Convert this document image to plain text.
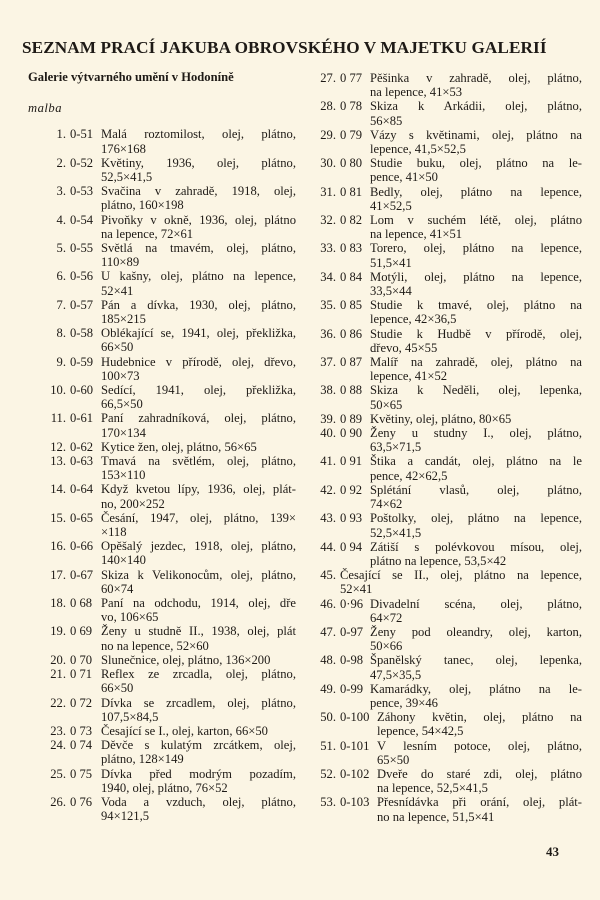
SEZNAM PRACÍ JAKUBA OBROVSKÉHO V MAJETKU GALERIÍ
Galerie výtvarného umění v Hodoníně
malba
1. 0-51 Malá roztomilost, olej, plátno,
176×168
2. 0-52 Květiny, 1936, olej, plátno,
52,5×41,5
3. 0-53 Svačina v zahradě, 1918, olej,
plátno, 160×198
4. 0-54 Pivoňky v okně, 1936, olej, plátno
na lepence, 72×61
5. 0-55 Světlá na tmavém, olej, plátno,
110×89
6. 0-56 U kašny, olej, plátno na lepence,
52×41
7. 0-57 Pán a dívka, 1930, olej, plátno,
185×215
8. 0-58 Oblékající se, 1941, olej, překližka,
66×50
9. 0-59 Hudebnice v přírodě, olej, dřevo,
100×73
10. 0-60 Sedící, 1941, olej, překližka,
66,5×50
11. 0-61 Paní zahradníková, olej, plátno,
170×134
12. 0-62 Kytice žen, olej, plátno, 56×65
13. 0-63 Tmavá na světlém, olej, plátno,
153×110
14. 0-64 Když kvetou lípy, 1936, olej, plát-
no, 200×252
15. 0-65 Česání, 1947, olej, plátno, 139×
×118
16. 0-66 Opěšalý jezdec, 1918, olej, plátno,
140×140
17. 0-67 Skiza k Velikonocům, olej, plátno,
60×74
18. 0 68 Paní na odchodu, 1914, olej, dře
vo, 106×65
19. 0 69 Ženy u studně II., 1938, olej, plát
no na lepence, 52×60
20. 0 70 Slunečnice, olej, plátno, 136×200
21. 0 71 Reflex ze zrcadla, olej, plátno,
66×50
22. 0 72 Dívka se zrcadlem, olej, plátno,
107,5×84,5
23. 0 73 Česající se I., olej, karton, 66×50
24. 0 74 Děvče s kulatým zrcátkem, olej,
plátno, 128×149
25. 0 75 Dívka před modrým pozadím,
1940, olej, plátno, 76×52
26. 0 76 Voda a vzduch, olej, plátno,
94×121,5
27. 0 77 Pěšinka v zahradě, olej, plátno,
na lepence, 41×53
28. 0 78 Skiza k Arkádii, olej, plátno,
56×85
29. 0 79 Vázy s květinami, olej, plátno na
lepence, 41,5×52,5
30. 0 80 Studie buku, olej, plátno na le-
pence, 41×50
31. 0 81 Bedly, olej, plátno na lepence,
41×52,5
32. 0 82 Lom v suchém létě, olej, plátno
na lepence, 41×51
33. 0 83 Torero, olej, plátno na lepence,
51,5×41
34. 0 84 Motýli, olej, plátno na lepence,
33,5×44
35. 0 85 Studie k tmavé, olej, plátno na
lepence, 42×36,5
36. 0 86 Studie k Hudbě v přírodě, olej,
dřevo, 45×55
37. 0 87 Malíř na zahradě, olej, plátno na
lepence, 41×52
38. 0 88 Skiza k Neděli, olej, lepenka,
50×65
39. 0 89 Květiny, olej, plátno, 80×65
40. 0 90 Ženy u studny I., olej, plátno,
63,5×71,5
41. 0 91 Štika a candát, olej, plátno na le
pence, 42×62,5
42. 0 92 Splétání vlasů, olej, plátno,
74×62
43. 0 93 Poštolky, olej, plátno na lepence,
52,5×41,5
44. 0 94 Zátiší s polévkovou mísou, olej,
plátno na lepence, 53,5×42
45. Česající se II., olej, plátno na lepence,
52×41
46. 0·96 Divadelní scéna, olej, plátno,
64×72
47. 0-97 Ženy pod oleandry, olej, karton,
50×66
48. 0-98 Španělský tanec, olej, lepenka,
47,5×35,5
49. 0-99 Kamarádky, olej, plátno na le-
pence, 39×46
50. 0-100 Záhony květin, olej, plátno na
lepence, 54×42,5
51. 0-101 V lesním potoce, olej, plátno,
65×50
52. 0-102 Dveře do staré zdi, olej, plátno
na lepence, 52,5×41,5
53. 0-103 Přesnídávka při orání, olej, plát-
no na lepence, 51,5×41
43
